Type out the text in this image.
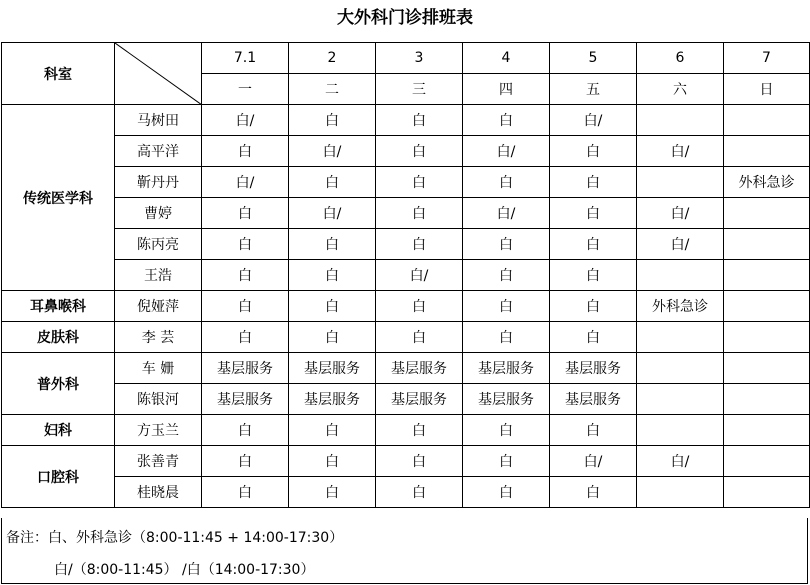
大外科门诊排班表
科室		7.1	2	3	4	5	6	7
		一	二	三	四	五	六	日
传统医学科	马树田	白/	白	白	白	白/		
	高平洋	白	白/	白	白/	白	白/	
	靳丹丹	白/	白	白	白	白		外科急诊
	曹婷	白	白/	白	白/	白	白/	
	陈丙亮	白	白	白	白	白	白/	
	王浩	白	白	白/	白	白		
耳鼻喉科	倪娅萍	白	白	白	白	白	外科急诊	
皮肤科	李 芸	白	白	白	白	白		
普外科	车 姗	基层服务	基层服务	基层服务	基层服务	基层服务		
	陈银河	基层服务	基层服务	基层服务	基层服务	基层服务		
妇科	方玉兰	白	白	白	白	白		
口腔科	张善青	白	白	白	白	白/	白/	
	桂晓晨	白	白	白	白	白		
备注：白、外科急诊（8:00-11:45 + 14:00-17:30）
白/（8:00-11:45） /白（14:00-17:30）
